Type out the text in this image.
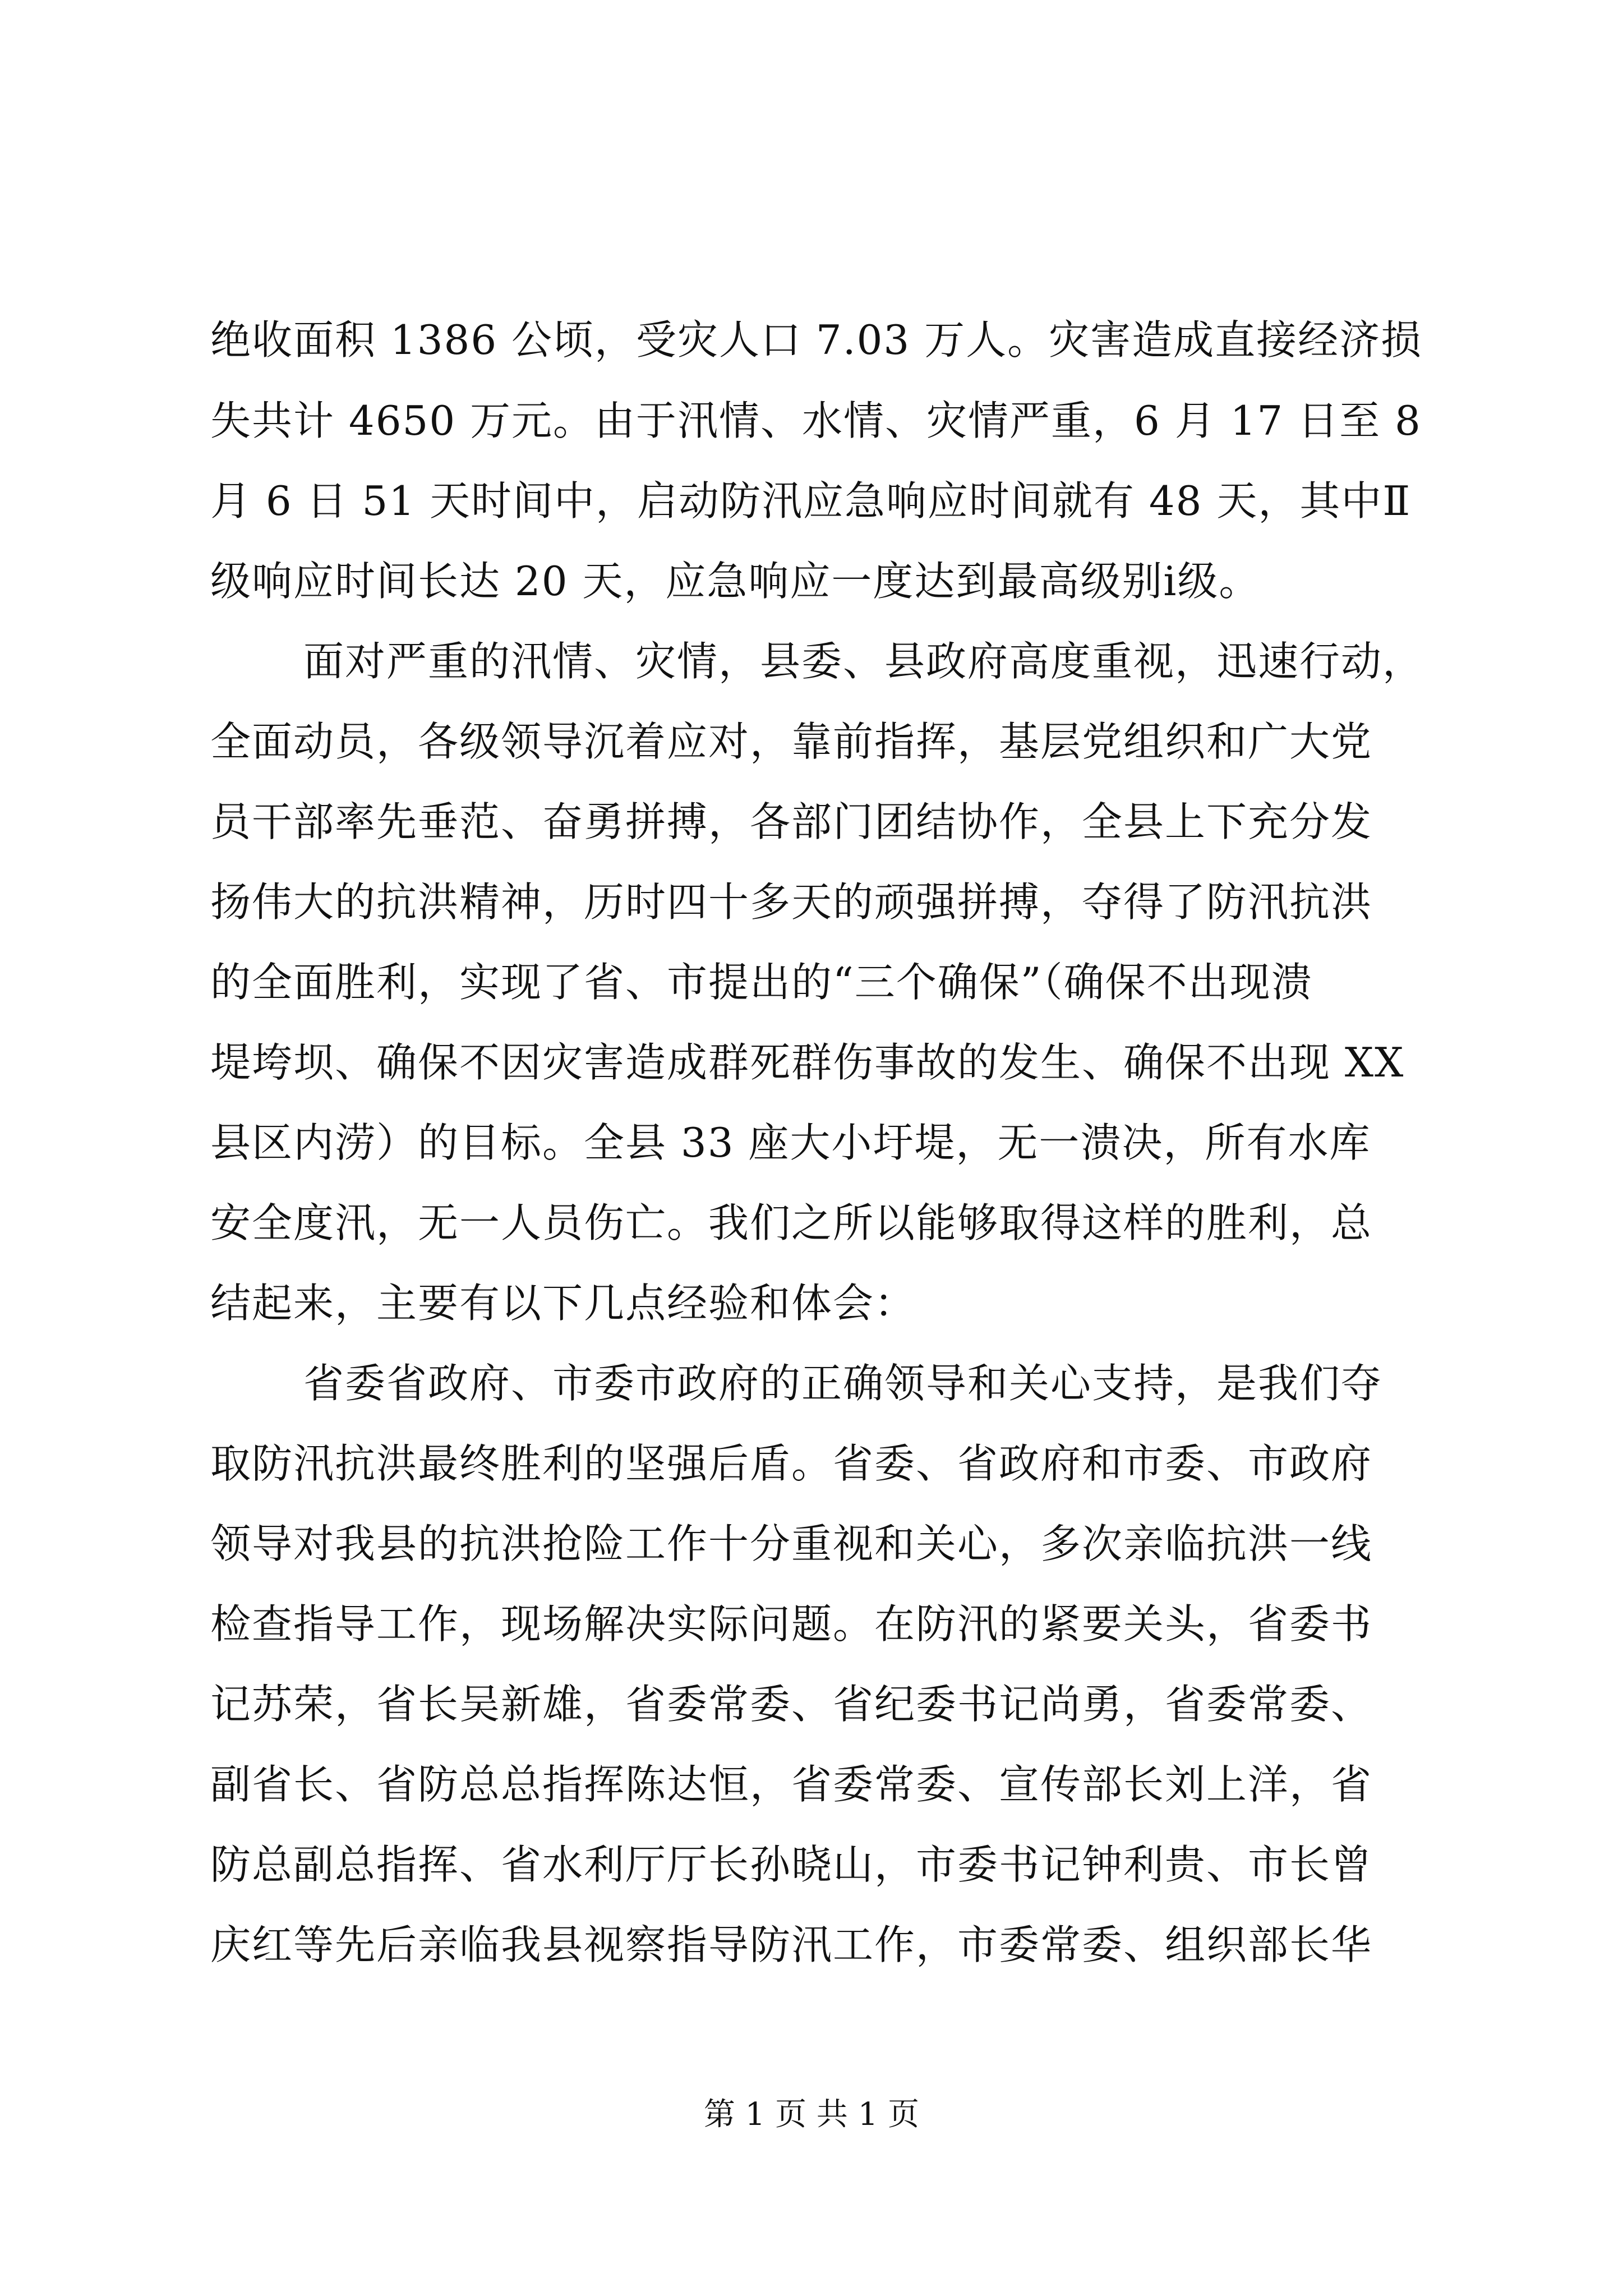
绝收面积 1386 公顷，受灾人口 7.03 万人。灾害造成直接经济损

失共计 4650 万元。由于汛情、水情、灾情严重，6 月 17 日至 8

月 6 日 51 天时间中，启动防汛应急响应时间就有 48 天，其中Ⅱ

级响应时间长达 20 天，应急响应一度达到最高级别ⅰ级。

面对严重的汛情、灾情，县委、县政府高度重视，迅速行动，

全面动员，各级领导沉着应对，靠前指挥，基层党组织和广大党

员干部率先垂范、奋勇拼搏，各部门团结协作，全县上下充分发

扬伟大的抗洪精神，历时四十多天的顽强拼搏，夺得了防汛抗洪

的全面胜利，实现了省、市提出的“三个确保”（确保不出现溃

堤垮坝、确保不因灾害造成群死群伤事故的发生、确保不出现 XX

县区内涝）的目标。全县 33 座大小圩堤，无一溃决，所有水库

安全度汛，无一人员伤亡。我们之所以能够取得这样的胜利，总

结起来，主要有以下几点经验和体会：

省委省政府、市委市政府的正确领导和关心支持，是我们夺

取防汛抗洪最终胜利的坚强后盾。省委、省政府和市委、市政府

领导对我县的抗洪抢险工作十分重视和关心，多次亲临抗洪一线

检查指导工作，现场解决实际问题。在防汛的紧要关头，省委书

记苏荣，省长吴新雄，省委常委、省纪委书记尚勇，省委常委、

副省长、省防总总指挥陈达恒，省委常委、宣传部长刘上洋，省

防总副总指挥、省水利厅厅长孙晓山，市委书记钟利贵、市长曾

庆红等先后亲临我县视察指导防汛工作，市委常委、组织部长华

第 1 页 共 1 页
